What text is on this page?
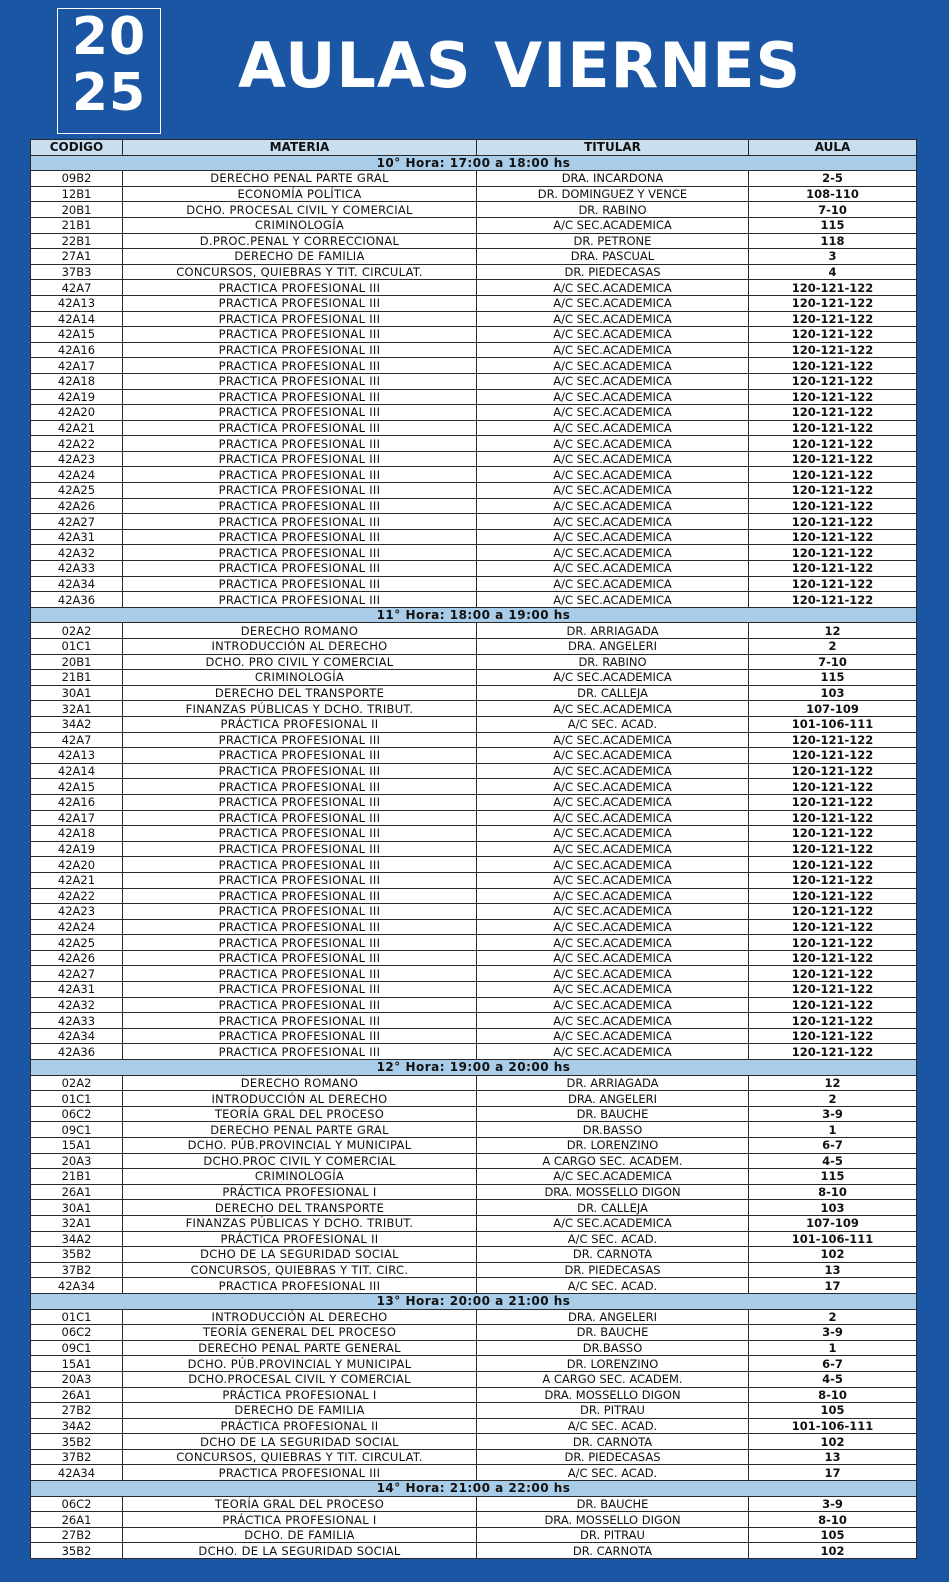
20
25 AULAS VIERNES
CODIGO	MATERIA	TITULAR	AULA
10° Hora: 17:00 a 18:00 hs			
09B2	DERECHO PENAL PARTE GRAL	DRA. INCARDONA	2-5
12B1	ECONOMÍA POLÍTICA	DR. DOMINGUEZ Y VENCE	108-110
20B1	DCHO. PROCESAL CIVIL Y COMERCIAL	DR. RABINO	7-10
21B1	CRIMINOLOGÍA	A/C SEC.ACADEMICA	115
22B1	D.PROC.PENAL Y CORRECCIONAL	DR. PETRONE	118
27A1	DERECHO DE FAMILIA	DRA. PASCUAL	3
37B3	CONCURSOS, QUIEBRAS Y TIT. CIRCULAT.	DR. PIEDECASAS	4
42A7	PRACTICA PROFESIONAL III	A/C SEC.ACADEMICA	120-121-122
42A13	PRACTICA PROFESIONAL III	A/C SEC.ACADEMICA	120-121-122
42A14	PRACTICA PROFESIONAL III	A/C SEC.ACADEMICA	120-121-122
42A15	PRACTICA PROFESIONAL III	A/C SEC.ACADEMICA	120-121-122
42A16	PRACTICA PROFESIONAL III	A/C SEC.ACADEMICA	120-121-122
42A17	PRACTICA PROFESIONAL III	A/C SEC.ACADEMICA	120-121-122
42A18	PRACTICA PROFESIONAL III	A/C SEC.ACADEMICA	120-121-122
42A19	PRACTICA PROFESIONAL III	A/C SEC.ACADEMICA	120-121-122
42A20	PRACTICA PROFESIONAL III	A/C SEC.ACADEMICA	120-121-122
42A21	PRACTICA PROFESIONAL III	A/C SEC.ACADEMICA	120-121-122
42A22	PRACTICA PROFESIONAL III	A/C SEC.ACADEMICA	120-121-122
42A23	PRACTICA PROFESIONAL III	A/C SEC.ACADEMICA	120-121-122
42A24	PRACTICA PROFESIONAL III	A/C SEC.ACADEMICA	120-121-122
42A25	PRACTICA PROFESIONAL III	A/C SEC.ACADEMICA	120-121-122
42A26	PRACTICA PROFESIONAL III	A/C SEC.ACADEMICA	120-121-122
42A27	PRACTICA PROFESIONAL III	A/C SEC.ACADEMICA	120-121-122
42A31	PRACTICA PROFESIONAL III	A/C SEC.ACADEMICA	120-121-122
42A32	PRACTICA PROFESIONAL III	A/C SEC.ACADEMICA	120-121-122
42A33	PRACTICA PROFESIONAL III	A/C SEC.ACADEMICA	120-121-122
42A34	PRACTICA PROFESIONAL III	A/C SEC.ACADEMICA	120-121-122
42A36	PRACTICA PROFESIONAL III	A/C SEC.ACADEMICA	120-121-122
11° Hora: 18:00 a 19:00 hs			
02A2	DERECHO ROMANO	DR. ARRIAGADA	12
01C1	INTRODUCCIÓN AL DERECHO	DRA. ANGELERI	2
20B1	DCHO. PRO CIVIL Y COMERCIAL	DR. RABINO	7-10
21B1	CRIMINOLOGÍA	A/C SEC.ACADEMICA	115
30A1	DERECHO DEL TRANSPORTE	DR. CALLEJA	103
32A1	FINANZAS PÚBLICAS Y DCHO. TRIBUT.	A/C SEC.ACADEMICA	107-109
34A2	PRÁCTICA PROFESIONAL II	A/C SEC. ACAD.	101-106-111
42A7	PRACTICA PROFESIONAL III	A/C SEC.ACADEMICA	120-121-122
42A13	PRACTICA PROFESIONAL III	A/C SEC.ACADEMICA	120-121-122
42A14	PRACTICA PROFESIONAL III	A/C SEC.ACADEMICA	120-121-122
42A15	PRACTICA PROFESIONAL III	A/C SEC.ACADEMICA	120-121-122
42A16	PRACTICA PROFESIONAL III	A/C SEC.ACADEMICA	120-121-122
42A17	PRACTICA PROFESIONAL III	A/C SEC.ACADEMICA	120-121-122
42A18	PRACTICA PROFESIONAL III	A/C SEC.ACADEMICA	120-121-122
42A19	PRACTICA PROFESIONAL III	A/C SEC.ACADEMICA	120-121-122
42A20	PRACTICA PROFESIONAL III	A/C SEC.ACADEMICA	120-121-122
42A21	PRACTICA PROFESIONAL III	A/C SEC.ACADEMICA	120-121-122
42A22	PRACTICA PROFESIONAL III	A/C SEC.ACADEMICA	120-121-122
42A23	PRACTICA PROFESIONAL III	A/C SEC.ACADEMICA	120-121-122
42A24	PRACTICA PROFESIONAL III	A/C SEC.ACADEMICA	120-121-122
42A25	PRACTICA PROFESIONAL III	A/C SEC.ACADEMICA	120-121-122
42A26	PRACTICA PROFESIONAL III	A/C SEC.ACADEMICA	120-121-122
42A27	PRACTICA PROFESIONAL III	A/C SEC.ACADEMICA	120-121-122
42A31	PRACTICA PROFESIONAL III	A/C SEC.ACADEMICA	120-121-122
42A32	PRACTICA PROFESIONAL III	A/C SEC.ACADEMICA	120-121-122
42A33	PRACTICA PROFESIONAL III	A/C SEC.ACADEMICA	120-121-122
42A34	PRACTICA PROFESIONAL III	A/C SEC.ACADEMICA	120-121-122
42A36	PRACTICA PROFESIONAL III	A/C SEC.ACADEMICA	120-121-122
12° Hora: 19:00 a 20:00 hs			
02A2	DERECHO ROMANO	DR. ARRIAGADA	12
01C1	INTRODUCCIÓN AL DERECHO	DRA. ANGELERI	2
06C2	TEORÍA GRAL DEL PROCESO	DR. BAUCHE	3-9
09C1	DERECHO PENAL PARTE GRAL	DR.BASSO	1
15A1	DCHO. PÚB.PROVINCIAL Y MUNICIPAL	DR. LORENZINO	6-7
20A3	DCHO.PROC CIVIL Y COMERCIAL	A CARGO SEC. ACADEM.	4-5
21B1	CRIMINOLOGÍA	A/C SEC.ACADEMICA	115
26A1	PRÁCTICA PROFESIONAL I	DRA. MOSSELLO DIGON	8-10
30A1	DERECHO DEL TRANSPORTE	DR. CALLEJA	103
32A1	FINANZAS PÚBLICAS Y DCHO. TRIBUT.	A/C SEC.ACADEMICA	107-109
34A2	PRÁCTICA PROFESIONAL II	A/C SEC. ACAD.	101-106-111
35B2	DCHO DE LA SEGURIDAD SOCIAL	DR. CARNOTA	102
37B2	CONCURSOS, QUIEBRAS Y TIT. CIRC.	DR. PIEDECASAS	13
42A34	PRACTICA PROFESIONAL III	A/C SEC. ACAD.	17
13° Hora: 20:00 a 21:00 hs			
01C1	INTRODUCCIÓN AL DERECHO	DRA. ANGELERI	2
06C2	TEORÍA GENERAL DEL PROCESO	DR. BAUCHE	3-9
09C1	DERECHO PENAL PARTE GENERAL	DR.BASSO	1
15A1	DCHO. PÚB.PROVINCIAL Y MUNICIPAL	DR. LORENZINO	6-7
20A3	DCHO.PROCESAL CIVIL Y COMERCIAL	A CARGO SEC. ACADEM.	4-5
26A1	PRÁCTICA PROFESIONAL I	DRA. MOSSELLO DIGON	8-10
27B2	DERECHO DE FAMILIA	DR. PITRAU	105
34A2	PRÁCTICA PROFESIONAL II	A/C SEC. ACAD.	101-106-111
35B2	DCHO DE LA SEGURIDAD SOCIAL	DR. CARNOTA	102
37B2	CONCURSOS, QUIEBRAS Y TIT. CIRCULAT.	DR. PIEDECASAS	13
42A34	PRACTICA PROFESIONAL III	A/C SEC. ACAD.	17
14° Hora: 21:00 a 22:00 hs			
06C2	TEORÍA GRAL DEL PROCESO	DR. BAUCHE	3-9
26A1	PRÁCTICA PROFESIONAL I	DRA. MOSSELLO DIGON	8-10
27B2	DCHO. DE FAMILIA	DR. PITRAU	105
35B2	DCHO. DE LA SEGURIDAD SOCIAL	DR. CARNOTA	102
